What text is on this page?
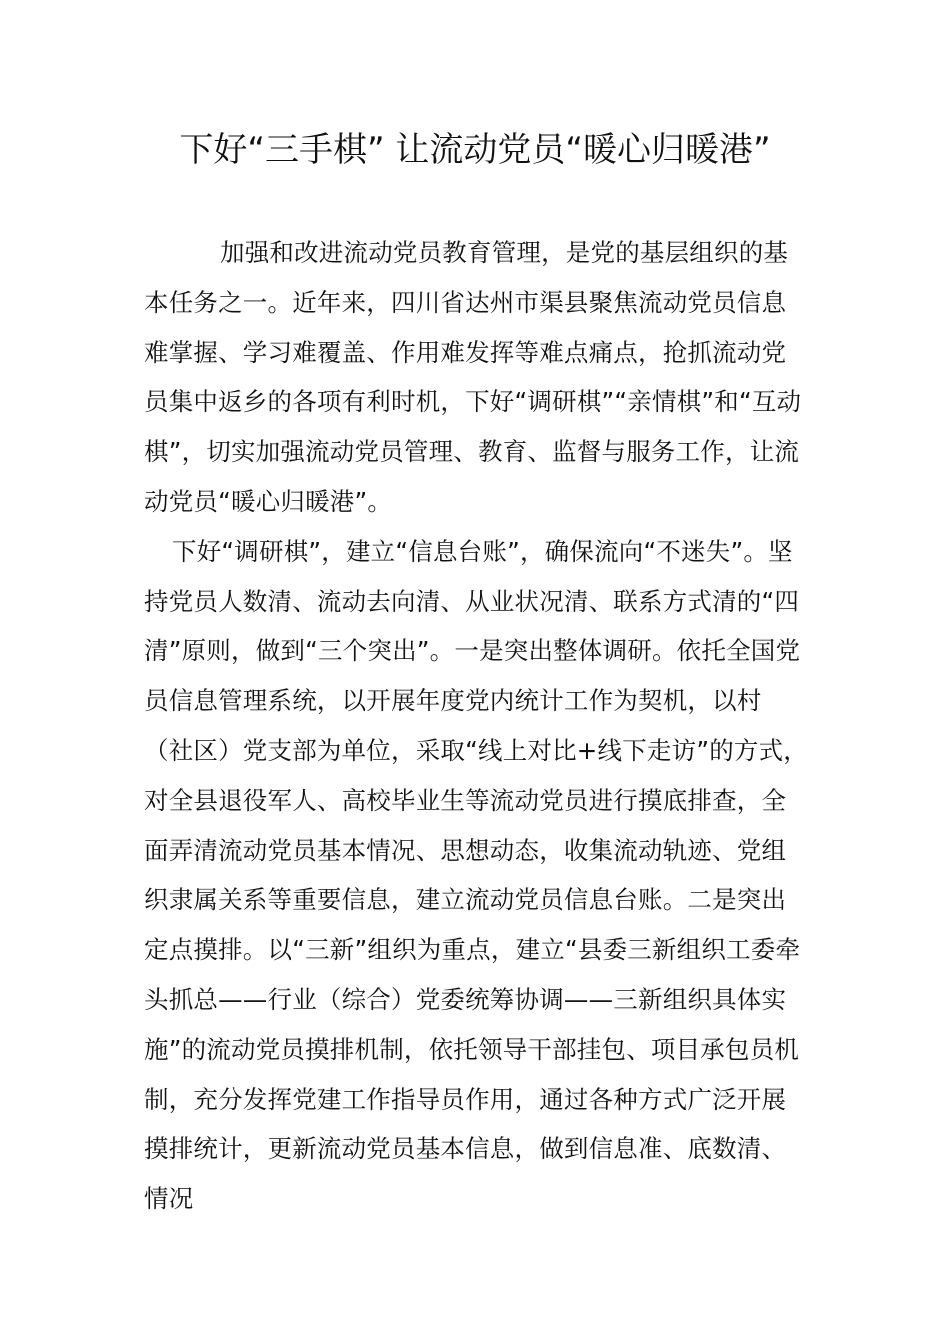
下好“三手棋” 让流动党员“暖心归暖港”

加强和改进流动党员教育管理，是党的基层组织的基本任务之一。近年来，四川省达州市渠县聚焦流动党员信息难掌握、学习难覆盖、作用难发挥等难点痛点，抢抓流动党员集中返乡的各项有利时机，下好“调研棋”“亲情棋”和“互动棋”，切实加强流动党员管理、教育、监督与服务工作，让流动党员“暖心归暖港”。

下好“调研棋”，建立“信息台账”，确保流向“不迷失”。坚持党员人数清、流动去向清、从业状况清、联系方式清的“四清”原则，做到“三个突出”。一是突出整体调研。依托全国党员信息管理系统，以开展年度党内统计工作为契机，以村（社区）党支部为单位，采取“线上对比+线下走访”的方式，对全县退役军人、高校毕业生等流动党员进行摸底排查，全面弄清流动党员基本情况、思想动态，收集流动轨迹、党组织隶属关系等重要信息，建立流动党员信息台账。二是突出定点摸排。以“三新”组织为重点，建立“县委三新组织工委牵头抓总——行业（综合）党委统筹协调——三新组织具体实施”的流动党员摸排机制，依托领导干部挂包、项目承包员机制，充分发挥党建工作指导员作用，通过各种方式广泛开展摸排统计，更新流动党员基本信息，做到信息准、底数清、情况
